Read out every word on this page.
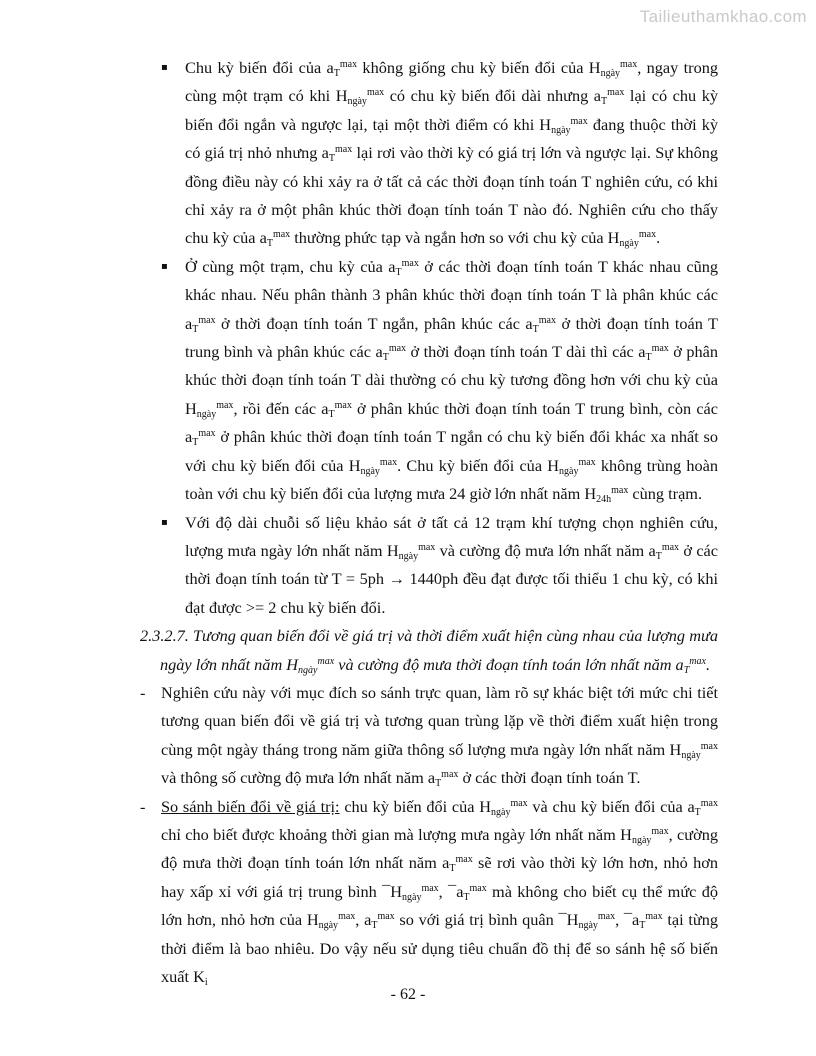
Tailieuthamkhao.com
▪ Chu kỳ biến đổi của $a_T^{max}$ không giống chu kỳ biến đổi của $H_{ngày}^{max}$, ngay trong cùng một trạm có khi $H_{ngày}^{max}$ có chu kỳ biến đổi dài nhưng $a_T^{max}$ lại có chu kỳ biến đổi ngắn và ngược lại, tại một thời điểm có khi $H_{ngày}^{max}$ đang thuộc thời kỳ có giá trị nhỏ nhưng $a_T^{max}$ lại rơi vào thời kỳ có giá trị lớn và ngược lại. Sự không đồng điều này có khi xảy ra ở tất cả các thời đoạn tính toán T nghiên cứu, có khi chỉ xảy ra ở một phân khúc thời đoạn tính toán T nào đó. Nghiên cứu cho thấy chu kỳ của $a_T^{max}$ thường phức tạp và ngắn hơn so với chu kỳ của $H_{ngày}^{max}$.
▪ Ở cùng một trạm, chu kỳ của $a_T^{max}$ ở các thời đoạn tính toán T khác nhau cũng khác nhau. Nếu phân thành 3 phân khúc thời đoạn tính toán T là phân khúc các $a_T^{max}$ ở thời đoạn tính toán T ngắn, phân khúc các $a_T^{max}$ ở thời đoạn tính toán T trung bình và phân khúc các $a_T^{max}$ ở thời đoạn tính toán T dài thì các $a_T^{max}$ ở phân khúc thời đoạn tính toán T dài thường có chu kỳ tương đồng hơn với chu kỳ của $H_{ngày}^{max}$, rồi đến các $a_T^{max}$ ở phân khúc thời đoạn tính toán T trung bình, còn các $a_T^{max}$ ở phân khúc thời đoạn tính toán T ngắn có chu kỳ biến đổi khác xa nhất so với chu kỳ biến đổi của $H_{ngày}^{max}$. Chu kỳ biến đổi của $H_{ngày}^{max}$ không trùng hoàn toàn với chu kỳ biến đổi của lượng mưa 24 giờ lớn nhất năm $H_{24h}^{max}$ cùng trạm.
▪ Với độ dài chuỗi số liệu khảo sát ở tất cả 12 trạm khí tượng chọn nghiên cứu, lượng mưa ngày lớn nhất năm $H_{ngày}^{max}$ và cường độ mưa lớn nhất năm $a_T^{max}$ ở các thời đoạn tính toán từ T = 5ph → 1440ph đều đạt được tối thiểu 1 chu kỳ, có khi đạt được >= 2 chu kỳ biến đổi.
2.3.2.7. Tương quan biến đổi về giá trị và thời điểm xuất hiện cùng nhau của lượng mưa ngày lớn nhất năm $H_{ngày}^{max}$ và cường độ mưa thời đoạn tính toán lớn nhất năm $a_T^{max}$.
- Nghiên cứu này với mục đích so sánh trực quan, làm rõ sự khác biệt tới mức chi tiết tương quan biến đổi về giá trị và tương quan trùng lặp về thời điểm xuất hiện trong cùng một ngày tháng trong năm giữa thông số lượng mưa ngày lớn nhất năm $H_{ngày}^{max}$ và thông số cường độ mưa lớn nhất năm $a_T^{max}$ ở các thời đoạn tính toán T.
- So sánh biến đổi về giá trị: chu kỳ biến đổi của $H_{ngày}^{max}$ và chu kỳ biến đổi của $a_T^{max}$ chỉ cho biết được khoảng thời gian mà lượng mưa ngày lớn nhất năm $H_{ngày}^{max}$, cường độ mưa thời đoạn tính toán lớn nhất năm $a_T^{max}$ sẽ rơi vào thời kỳ lớn hơn, nhỏ hơn hay xấp xỉ với giá trị trung bình $¯H_{ngày}^{max}$, $¯a_T^{max}$ mà không cho biết cụ thể mức độ lớn hơn, nhỏ hơn của $H_{ngày}^{max}$, $a_T^{max}$ so với giá trị bình quân $¯H_{ngày}^{max}$, $¯a_T^{max}$ tại từng thời điểm là bao nhiêu. Do vậy nếu sử dụng tiêu chuẩn đồ thị để so sánh hệ số biến xuất $K_i$
- 62 -
